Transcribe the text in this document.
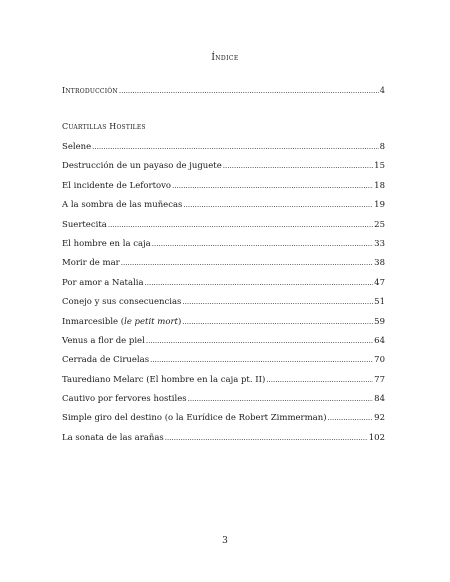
Índice
Introducción . . .	4
Cuartillas Hostiles
Selene . . .	8
Destrucción de un payaso de juguete . . .	15
El incidente de Lefortovo . . .	18
A la sombra de las muñecas . . .	19
Suertecita . . .	25
El hombre en la caja . . .	33
Morir de mar . . .	38
Por amor a Natalia . . .	47
Conejo y sus consecuencias . . .	51
Inmarcesible (le petit mort) . . .	59
Venus a flor de piel . . .	64
Cerrada de Ciruelas . . .	70
Taurediano Melarc (El hombre en la caja pt. II) . . .	77
Cautivo por fervores hostiles . . .	84
Simple giro del destino (o la Eurídice de Robert Zimmerman) . . .	92
La sonata de las arañas . . .	102
3
